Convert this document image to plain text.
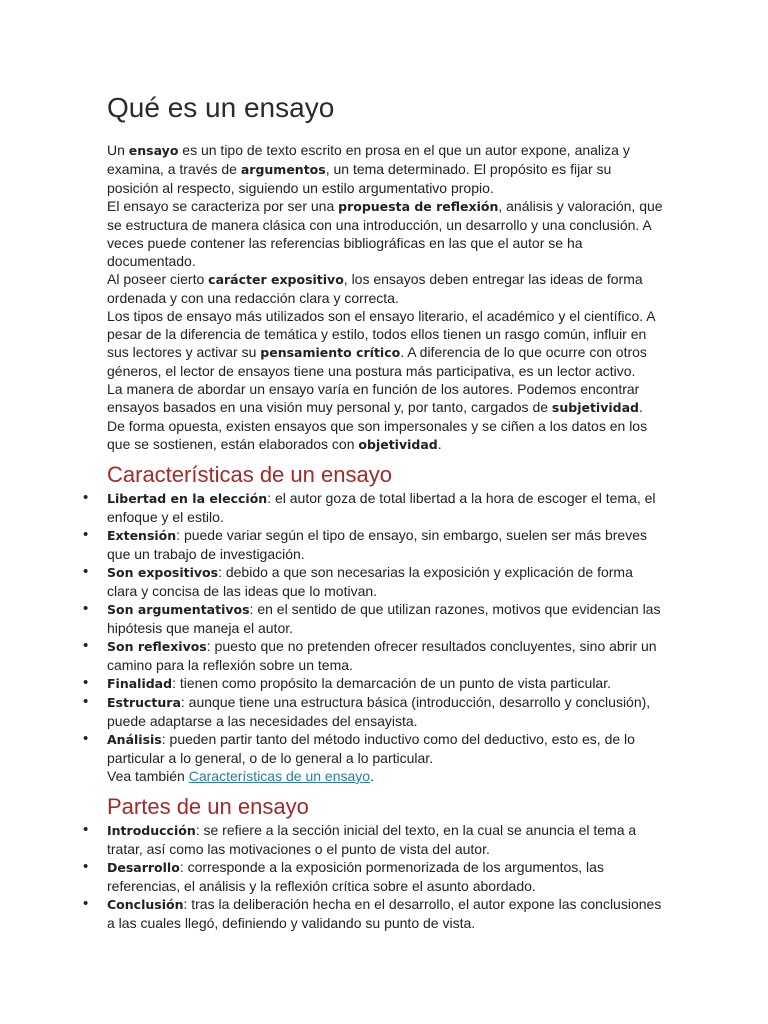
Qué es un ensayo

Un ensayo es un tipo de texto escrito en prosa en el que un autor expone, analiza y examina, a través de argumentos, un tema determinado. El propósito es fijar su posición al respecto, siguiendo un estilo argumentativo propio.

El ensayo se caracteriza por ser una propuesta de reflexión, análisis y valoración, que se estructura de manera clásica con una introducción, un desarrollo y una conclusión. A veces puede contener las referencias bibliográficas en las que el autor se ha documentado.

Al poseer cierto carácter expositivo, los ensayos deben entregar las ideas de forma ordenada y con una redacción clara y correcta.

Los tipos de ensayo más utilizados son el ensayo literario, el académico y el científico. A pesar de la diferencia de temática y estilo, todos ellos tienen un rasgo común, influir en sus lectores y activar su pensamiento crítico. A diferencia de lo que ocurre con otros géneros, el lector de ensayos tiene una postura más participativa, es un lector activo.

La manera de abordar un ensayo varía en función de los autores. Podemos encontrar ensayos basados en una visión muy personal y, por tanto, cargados de subjetividad. De forma opuesta, existen ensayos que son impersonales y se ciñen a los datos en los que se sostienen, están elaborados con objetividad.

Características de un ensayo
• Libertad en la elección: el autor goza de total libertad a la hora de escoger el tema, el enfoque y el estilo.
• Extensión: puede variar según el tipo de ensayo, sin embargo, suelen ser más breves que un trabajo de investigación.
• Son expositivos: debido a que son necesarias la exposición y explicación de forma clara y concisa de las ideas que lo motivan.
• Son argumentativos: en el sentido de que utilizan razones, motivos que evidencian las hipótesis que maneja el autor.
• Son reflexivos: puesto que no pretenden ofrecer resultados concluyentes, sino abrir un camino para la reflexión sobre un tema.
• Finalidad: tienen como propósito la demarcación de un punto de vista particular.
• Estructura: aunque tiene una estructura básica (introducción, desarrollo y conclusión), puede adaptarse a las necesidades del ensayista.
• Análisis: pueden partir tanto del método inductivo como del deductivo, esto es, de lo particular a lo general, o de lo general a lo particular.

Vea también Características de un ensayo.

Partes de un ensayo
• Introducción: se refiere a la sección inicial del texto, en la cual se anuncia el tema a tratar, así como las motivaciones o el punto de vista del autor.
• Desarrollo: corresponde a la exposición pormenorizada de los argumentos, las referencias, el análisis y la reflexión crítica sobre el asunto abordado.
• Conclusión: tras la deliberación hecha en el desarrollo, el autor expone las conclusiones a las cuales llegó, definiendo y validando su punto de vista.
